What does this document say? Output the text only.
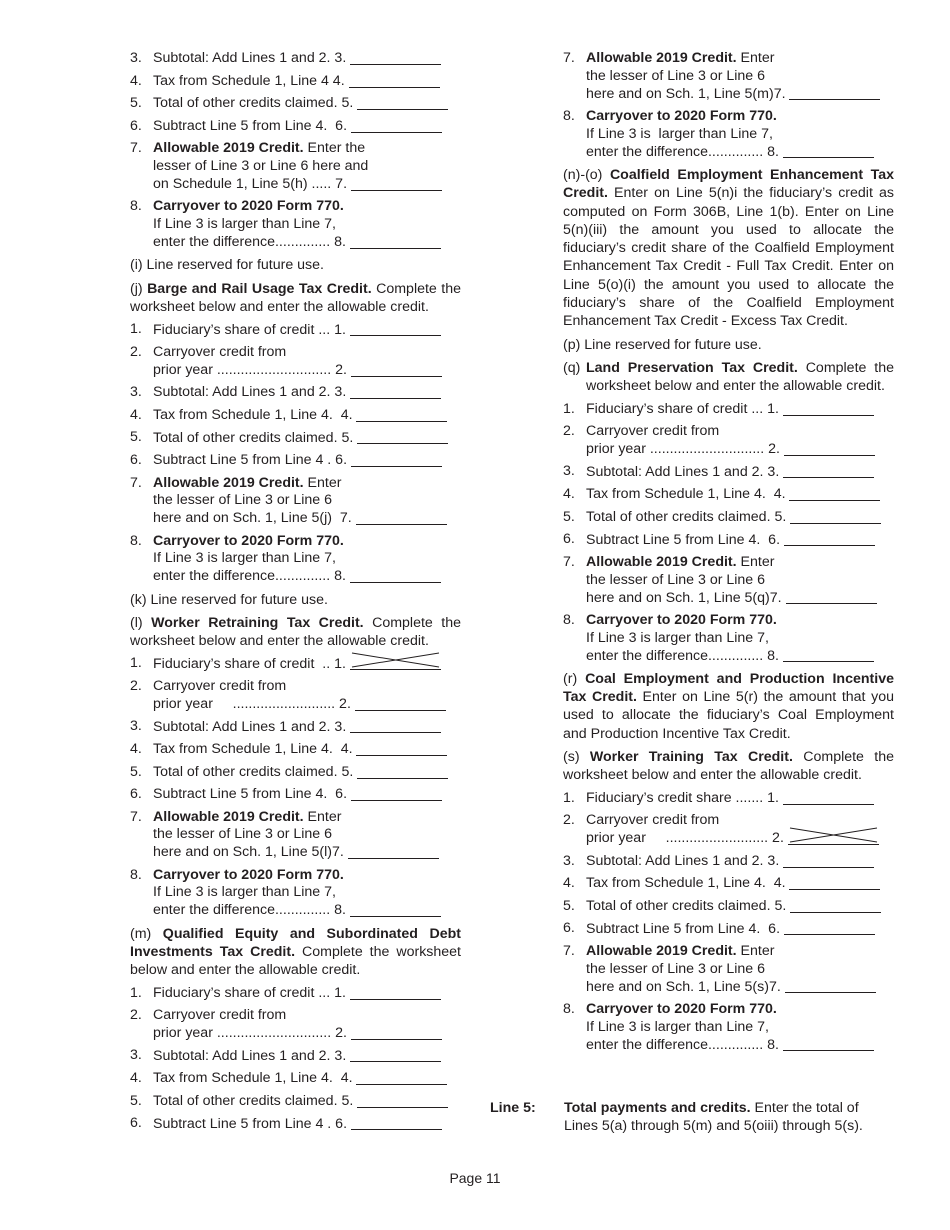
3. Subtotal: Add Lines 1 and 2. 3.
4. Tax from Schedule 1, Line 4 4.
5. Total of other credits claimed. 5.
6. Subtract Line 5 from Line 4.  6.
7. Allowable 2019 Credit. Enter the
lesser of Line 3 or Line 6 here and
on Schedule 1, Line 5(h) ..... 7.
8. Carryover to 2020 Form 770.
If Line 3 is larger than Line 7,
enter the difference.............. 8.
(i) Line reserved for future use.
(j) Barge and Rail Usage Tax Credit. Complete the worksheet below and enter the allowable credit.
1. Fiduciary’s share of credit ... 1.
2. Carryover credit from
prior year ............................. 2.
3. Subtotal: Add Lines 1 and 2. 3.
4. Tax from Schedule 1, Line 4.  4.
5. Total of other credits claimed. 5.
6. Subtract Line 5 from Line 4 . 6.
7. Allowable 2019 Credit. Enter
the lesser of Line 3 or Line 6
here and on Sch. 1, Line 5(j)  7.
8. Carryover to 2020 Form 770.
If Line 3 is larger than Line 7,
enter the difference.............. 8.
(k) Line reserved for future use.
(l) Worker Retraining Tax Credit. Complete the worksheet below and enter the allowable credit.
1. Fiduciary’s share of credit  .. 1.
2. Carryover credit from
prior year     .......................... 2.
3. Subtotal: Add Lines 1 and 2. 3.
4. Tax from Schedule 1, Line 4.  4.
5. Total of other credits claimed. 5.
6. Subtract Line 5 from Line 4.  6.
7. Allowable 2019 Credit. Enter
the lesser of Line 3 or Line 6
here and on Sch. 1, Line 5(l)7.
8. Carryover to 2020 Form 770.
If Line 3 is larger than Line 7,
enter the difference.............. 8.
(m) Qualified Equity and Subordinated Debt Investments Tax Credit. Complete the worksheet below and enter the allowable credit.
1. Fiduciary’s share of credit ... 1.
2. Carryover credit from
prior year ............................. 2.
3. Subtotal: Add Lines 1 and 2. 3.
4. Tax from Schedule 1, Line 4.  4.
5. Total of other credits claimed. 5.
6. Subtract Line 5 from Line 4 . 6.
7. Allowable 2019 Credit. Enter
the lesser of Line 3 or Line 6
here and on Sch. 1, Line 5(m)7.
8. Carryover to 2020 Form 770.
If Line 3 is  larger than Line 7,
enter the difference.............. 8.
(n)-(o) Coalfield Employment Enhancement Tax Credit. Enter on Line 5(n)i the fiduciary’s credit as computed on Form 306B, Line 1(b). Enter on Line 5(n)(iii) the amount you used to allocate the fiduciary’s credit share of the Coalfield Employment Enhancement Tax Credit - Full Tax Credit. Enter on Line 5(o)(i) the amount you used to allocate the fiduciary’s share of the Coalfield Employment Enhancement Tax Credit - Excess Tax Credit.
(p) Line reserved for future use.
(q) Land Preservation Tax Credit. Complete the worksheet below and enter the allowable credit.
1. Fiduciary’s share of credit ... 1.
2. Carryover credit from
prior year ............................. 2.
3. Subtotal: Add Lines 1 and 2. 3.
4. Tax from Schedule 1, Line 4.  4.
5. Total of other credits claimed. 5.
6. Subtract Line 5 from Line 4.  6.
7. Allowable 2019 Credit. Enter
the lesser of Line 3 or Line 6
here and on Sch. 1, Line 5(q)7.
8. Carryover to 2020 Form 770.
If Line 3 is larger than Line 7,
enter the difference.............. 8.
(r) Coal Employment and Production Incentive Tax Credit. Enter on Line 5(r) the amount that you used to allocate the fiduciary’s Coal Employment and Production Incentive Tax Credit.
(s) Worker Training Tax Credit. Complete the worksheet below and enter the allowable credit.
1. Fiduciary’s credit share ....... 1.
2. Carryover credit from
prior year     .......................... 2.
3. Subtotal: Add Lines 1 and 2. 3.
4. Tax from Schedule 1, Line 4.  4.
5. Total of other credits claimed. 5.
6. Subtract Line 5 from Line 4.  6.
7. Allowable 2019 Credit. Enter
the lesser of Line 3 or Line 6
here and on Sch. 1, Line 5(s)7.
8. Carryover to 2020 Form 770.
If Line 3 is larger than Line 7,
enter the difference.............. 8.
Line 5:	Total payments and credits. Enter the total of Lines 5(a) through 5(m) and 5(oiii) through 5(s).
Page 11
